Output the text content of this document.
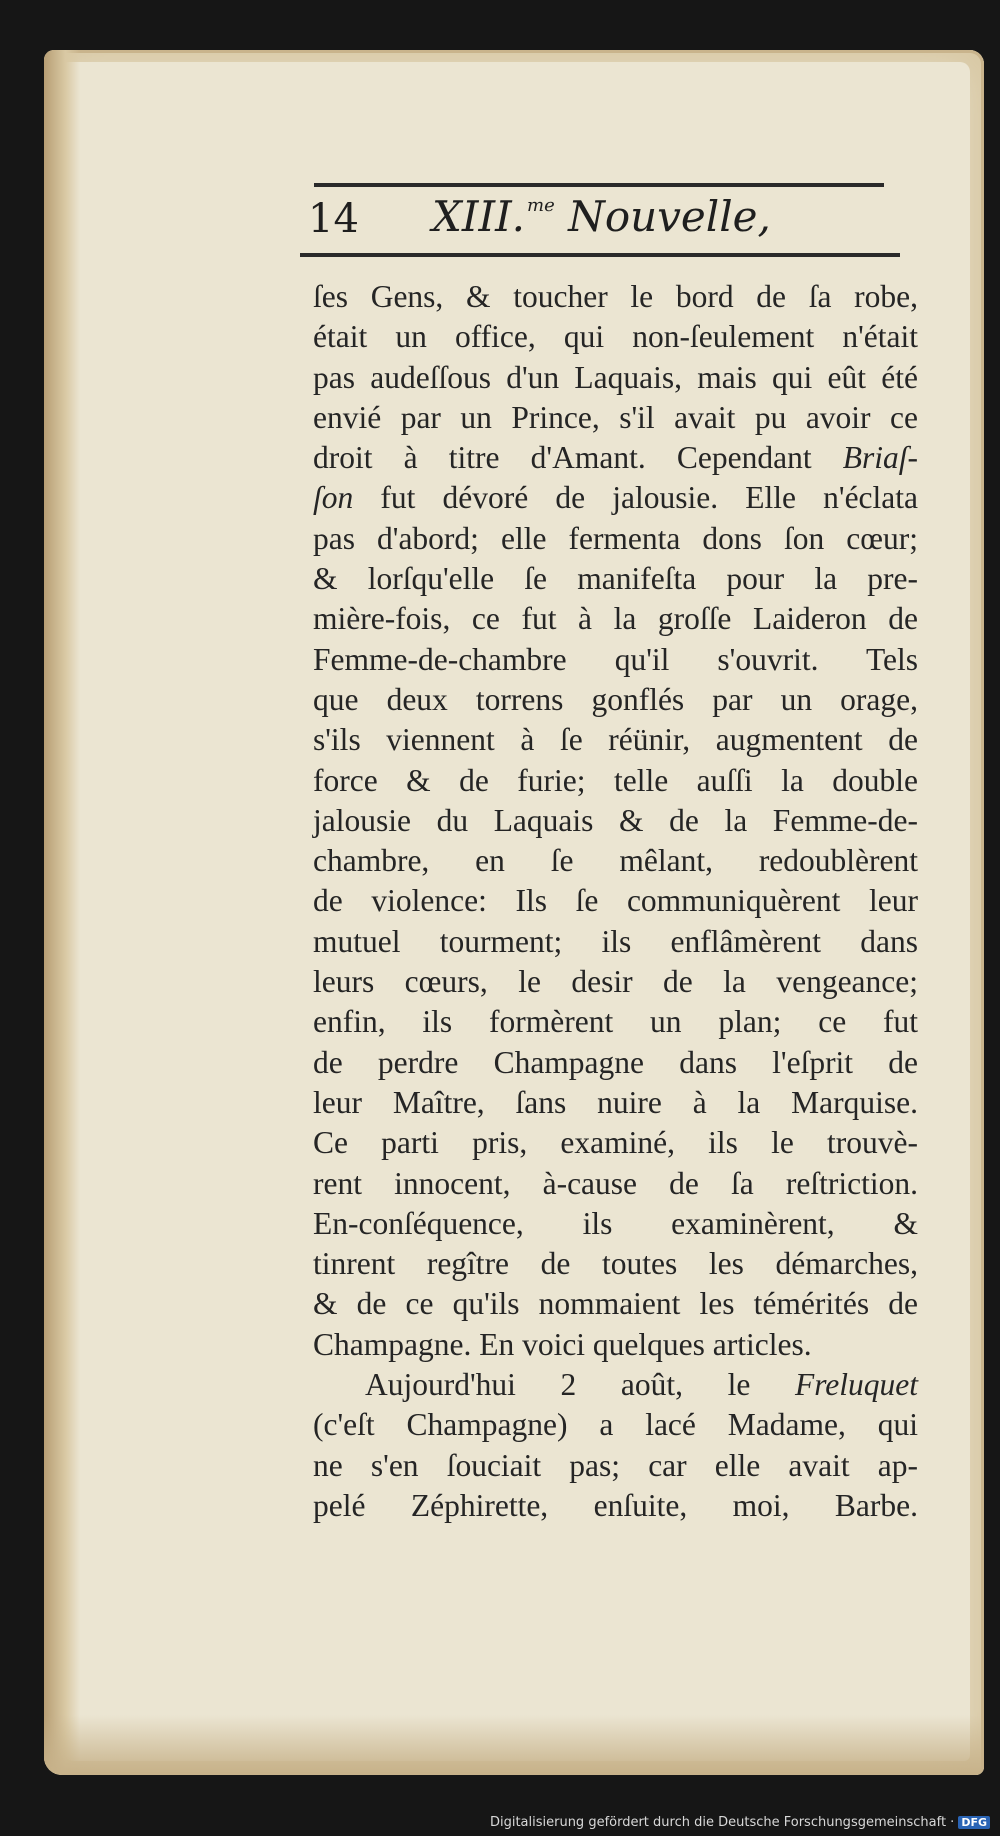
14 XIII. $^{me}$ Nouvelle,
ſes Gens, & toucher le bord de ſa robe,
était un office, qui non-ſeulement n'était
pas audeſſous d'un Laquais, mais qui eût été
envié par un Prince, s'il avait pu avoir ce
droit à titre d'Amant. Cependant Briaſ-
ſon fut dévoré de jalousie. Elle n'éclata
pas d'abord; elle fermenta dons ſon cœur;
& lorſqu'elle ſe manifeſta pour la pre-
mière-fois, ce fut à la groſſe Laideron de
Femme-de-chambre qu'il s'ouvrit. Tels
que deux torrens gonflés par un orage,
s'ils viennent à ſe réünir, augmentent de
force & de furie; telle auſſi la double
jalousie du Laquais & de la Femme-de-
chambre, en ſe mêlant, redoublèrent
de violence: Ils ſe communiquèrent leur
mutuel tourment; ils enflâmèrent dans
leurs cœurs, le desir de la vengeance;
enfin, ils formèrent un plan; ce fut
de perdre Champagne dans l'eſprit de
leur Maître, ſans nuire à la Marquise.
Ce parti pris, examiné, ils le trouvè-
rent innocent, à-cause de ſa reſtriction.
En-conſéquence, ils examinèrent, &
tinrent regître de toutes les démarches,
& de ce qu'ils nommaient les témérités de
Champagne. En voici quelques articles.
Aujourd'hui 2 août, le Freluquet
(c'eſt Champagne) a lacé Madame, qui
ne s'en ſouciait pas; car elle avait ap-
pelé Zéphirette, enſuite, moi, Barbe.
Digitalisierung gefördert durch die Deutsche Forschungsgemeinschaft · DFG
